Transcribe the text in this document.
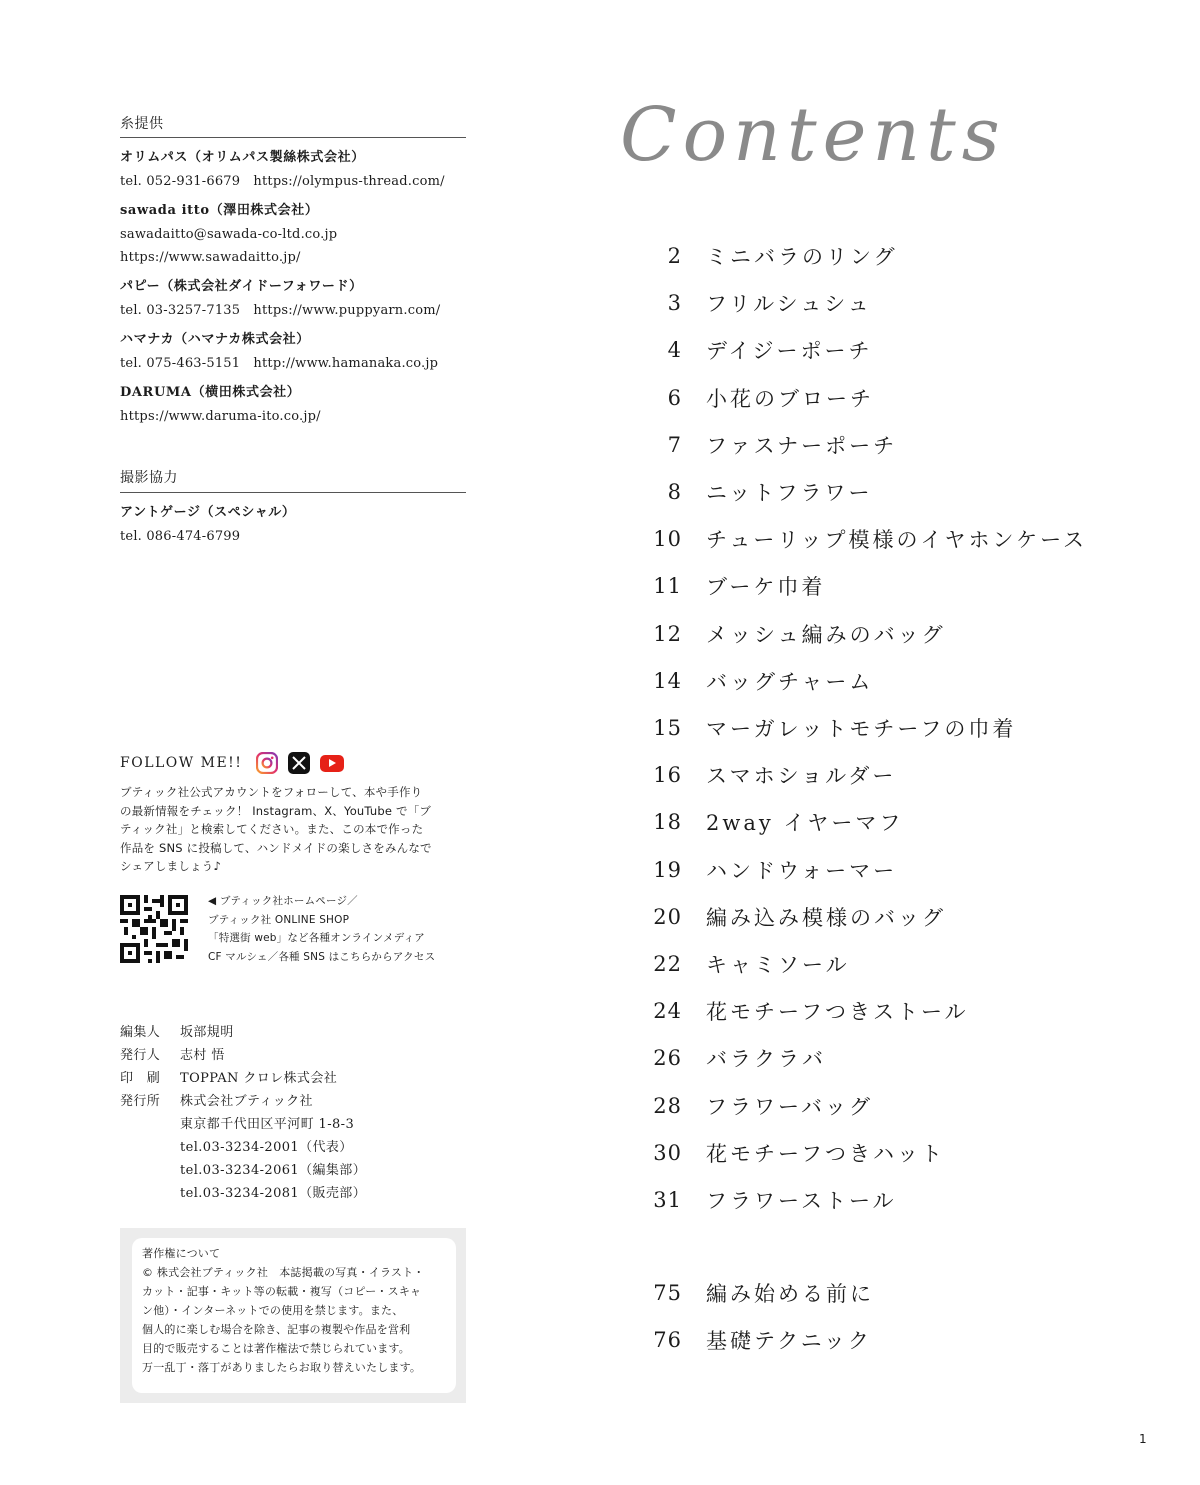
糸提供
オリムパス（オリムパス製絲株式会社）
tel. 052-931-6679　https://olympus-thread.com/
sawada itto（澤田株式会社）
sawadaitto@sawada-co-ltd.co.jp
https://www.sawadaitto.jp/
パピー（株式会社ダイドーフォワード）
tel. 03-3257-7135　https://www.puppyarn.com/
ハマナカ（ハマナカ株式会社）
tel. 075-463-5151　http://www.hamanaka.co.jp
DARUMA（横田株式会社）
https://www.daruma-ito.co.jp/
撮影協力
アントゲージ（スペシャル）
tel. 086-474-6799
FOLLOW ME!!
ブティック社公式アカウントをフォローして、本や手作り
の最新情報をチェック！ Instagram、X、YouTube で「ブ
ティック社」と検索してください。また、この本で作った
作品を SNS に投稿して、ハンドメイドの楽しさをみんなで
シェアしましょう♪
◀ ブティック社ホームページ／
ブティック社 ONLINE SHOP
「特選街 web」など各種オンラインメディア
CF マルシェ／各種 SNS はこちらからアクセス
編集人	坂部規明
発行人	志村 悟
印　刷	TOPPAN クロレ株式会社
発行所	株式会社ブティック社
東京都千代田区平河町 1-8-3
tel.03-3234-2001（代表）
tel.03-3234-2061（編集部）
tel.03-3234-2081（販売部）
著作権について
© 株式会社ブティック社　本誌掲載の写真・イラスト・
カット・記事・キット等の転載・複写（コピー・スキャ
ン他）・インターネットでの使用を禁じます。また、
個人的に楽しむ場合を除き、記事の複製や作品を営利
目的で販売することは著作権法で禁じられています。
万一乱丁・落丁がありましたらお取り替えいたします。
Contents
2 ミニバラのリング
3 フリルシュシュ
4 デイジーポーチ
6 小花のブローチ
7 ファスナーポーチ
8 ニットフラワー
10 チューリップ模様のイヤホンケース
11 ブーケ巾着
12 メッシュ編みのバッグ
14 バッグチャーム
15 マーガレットモチーフの巾着
16 スマホショルダー
18 2way イヤーマフ
19 ハンドウォーマー
20 編み込み模様のバッグ
22 キャミソール
24 花モチーフつきストール
26 バラクラバ
28 フラワーバッグ
30 花モチーフつきハット
31 フラワーストール
75 編み始める前に
76 基礎テクニック
1
